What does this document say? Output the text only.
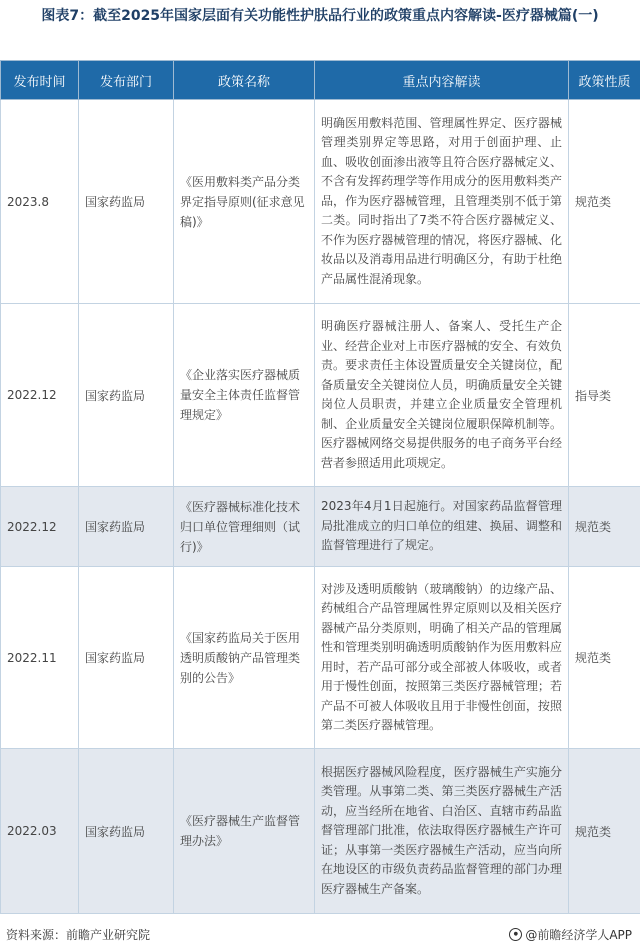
图表7：截至2025年国家层面有关功能性护肤品行业的政策重点内容解读-医疗器械篇(一)
发布时间	发布部门	政策名称	重点内容解读	政策性质
2023.8	国家药监局	《医用敷料类产品分类界定指导原则(征求意见稿)》	明确医用敷料范围、管理属性界定、医疗器械管理类别界定等思路，对用于创面护理、止血、吸收创面渗出液等且符合医疗器械定义、不含有发挥药理学等作用成分的医用敷料类产品，作为医疗器械管理，且管理类别不低于第二类。同时指出了7类不符合医疗器械定义、不作为医疗器械管理的情况，将医疗器械、化妆品以及消毒用品进行明确区分，有助于杜绝产品属性混淆现象。	规范类
2022.12	国家药监局	《企业落实医疗器械质量安全主体责任监督管理规定》	明确医疗器械注册人、备案人、受托生产企业、经营企业对上市医疗器械的安全、有效负责。要求责任主体设置质量安全关键岗位，配备质量安全关键岗位人员，明确质量安全关键岗位人员职责，并建立企业质量安全管理机制、企业质量安全关键岗位履职保障机制等。医疗器械网络交易提供服务的电子商务平台经营者参照适用此项规定。	指导类
2022.12	国家药监局	《医疗器械标准化技术归口单位管理细则（试行)》	2023年4月1日起施行。对国家药品监督管理局批准成立的归口单位的组建、换届、调整和监督管理进行了规定。	规范类
2022.11	国家药监局	《国家药监局关于医用透明质酸钠产品管理类别的公告》	对涉及透明质酸钠（玻璃酸钠）的边缘产品、药械组合产品管理属性界定原则以及相关医疗器械产品分类原则，明确了相关产品的管理属性和管理类别明确透明质酸钠作为医用敷料应用时，若产品可部分或全部被人体吸收，或者用于慢性创面，按照第三类医疗器械管理；若产品不可被人体吸收且用于非慢性创面，按照第二类医疗器械管理。	规范类
2022.03	国家药监局	《医疗器械生产监督管理办法》	根据医疗器械风险程度，医疗器械生产实施分类管理。从事第二类、第三类医疗器械生产活动，应当经所在地省、白治区、直辖市药品监督管理部门批准，依法取得医疗器械生产许可证；从事第一类医疗器械生产活动，应当向所在地设区的市级负责药品监督管理的部门办理医疗器械生产备案。	规范类
资料来源：前瞻产业研究院 ●	@前瞻经济学人APP
